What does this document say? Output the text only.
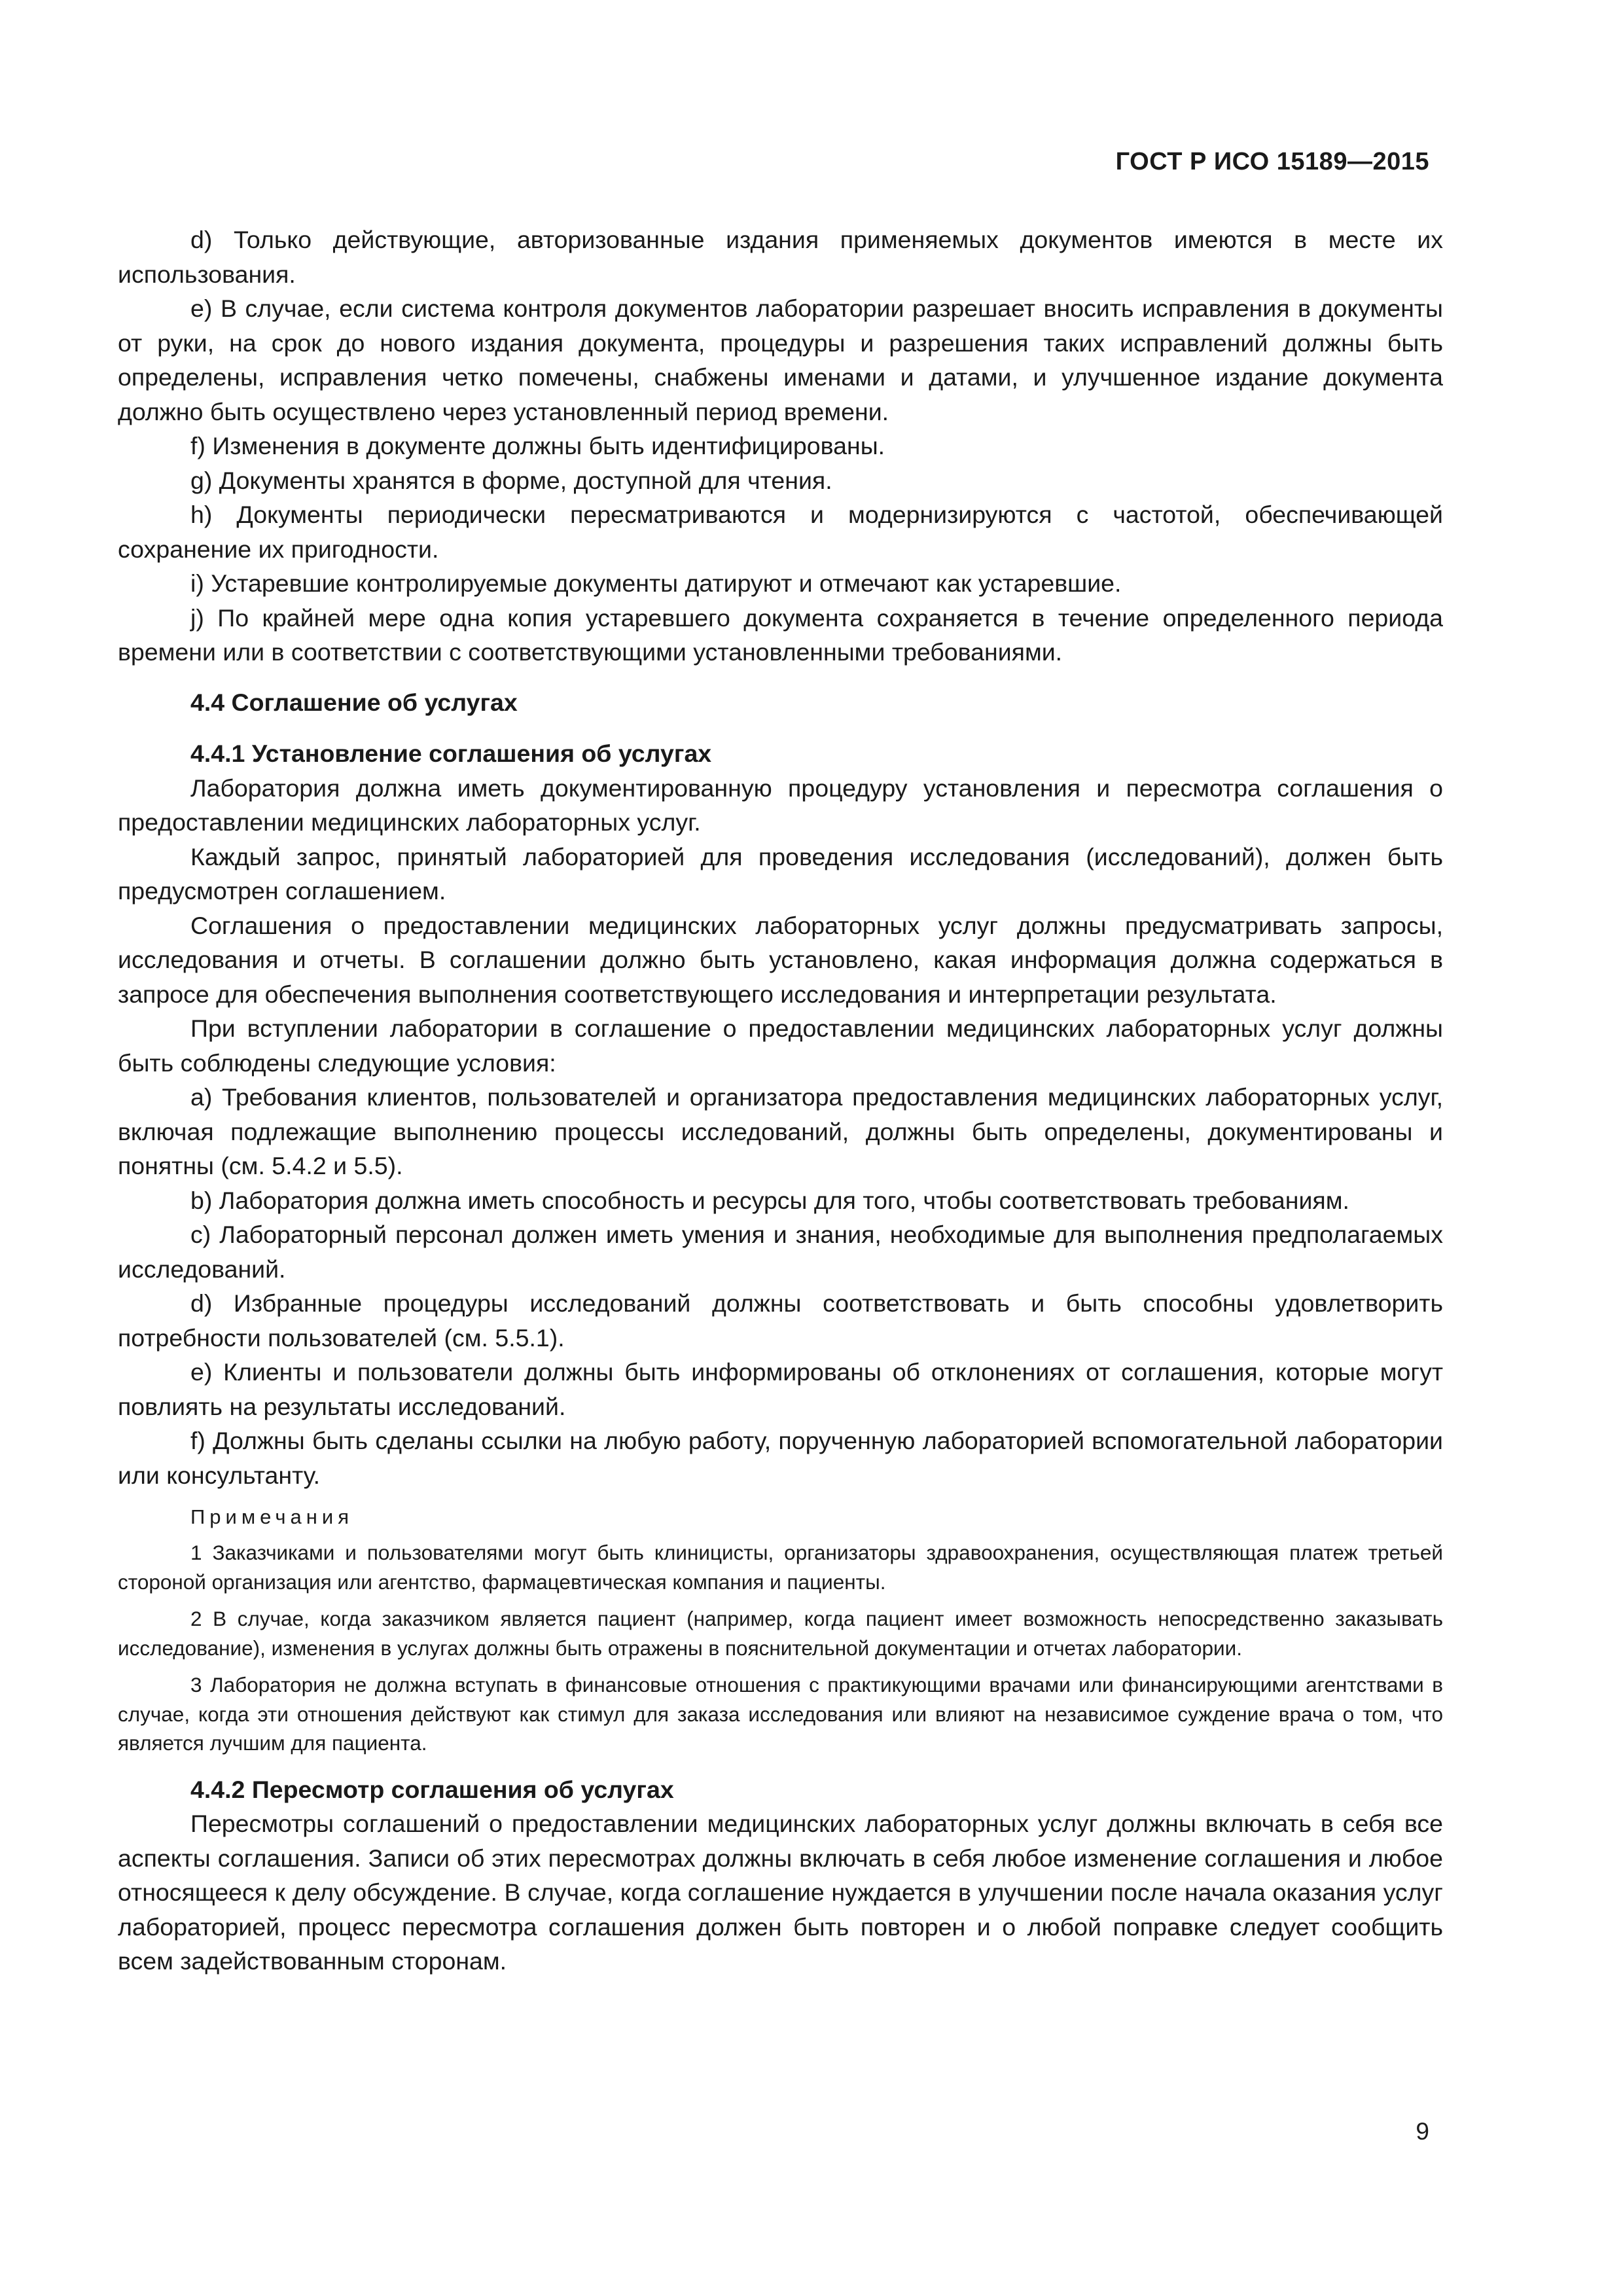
ГОСТ Р ИСО 15189—2015

d) Только действующие, авторизованные издания применяемых документов имеются в месте их использования.

e) В случае, если система контроля документов лаборатории разрешает вносить исправления в документы от руки, на срок до нового издания документа, процедуры и разрешения таких исправлений должны быть определены, исправления четко помечены, снабжены именами и датами, и улучшенное издание документа должно быть осуществлено через установленный период времени.

f) Изменения в документе должны быть идентифицированы.

g) Документы хранятся в форме, доступной для чтения.

h) Документы периодически пересматриваются и модернизируются с частотой, обеспечивающей сохранение их пригодности.

i) Устаревшие контролируемые документы датируют и отмечают как устаревшие.

j) По крайней мере одна копия устаревшего документа сохраняется в течение определенного периода времени или в соответствии с соответствующими установленными требованиями.

4.4 Соглашение об услугах

4.4.1 Установление соглашения об услугах

Лаборатория должна иметь документированную процедуру установления и пересмотра соглашения о предоставлении медицинских лабораторных услуг.

Каждый запрос, принятый лабораторией для проведения исследования (исследований), должен быть предусмотрен соглашением.

Соглашения о предоставлении медицинских лабораторных услуг должны предусматривать запросы, исследования и отчеты. В соглашении должно быть установлено, какая информация должна содержаться в запросе для обеспечения выполнения соответствующего исследования и интерпретации результата.

При вступлении лаборатории в соглашение о предоставлении медицинских лабораторных услуг должны быть соблюдены следующие условия:

a) Требования клиентов, пользователей и организатора предоставления медицинских лабораторных услуг, включая подлежащие выполнению процессы исследований, должны быть определены, документированы и понятны (см. 5.4.2 и 5.5).

b) Лаборатория должна иметь способность и ресурсы для того, чтобы соответствовать требованиям.

c) Лабораторный персонал должен иметь умения и знания, необходимые для выполнения предполагаемых исследований.

d) Избранные процедуры исследований должны соответствовать и быть способны удовлетворить потребности пользователей (см. 5.5.1).

e) Клиенты и пользователи должны быть информированы об отклонениях от соглашения, которые могут повлиять на результаты исследований.

f) Должны быть сделаны ссылки на любую работу, порученную лабораторией вспомогательной лаборатории или консультанту.

Примечания

1 Заказчиками и пользователями могут быть клиницисты, организаторы здравоохранения, осуществляющая платеж третьей стороной организация или агентство, фармацевтическая компания и пациенты.

2 В случае, когда заказчиком является пациент (например, когда пациент имеет возможность непосредственно заказывать исследование), изменения в услугах должны быть отражены в пояснительной документации и отчетах лаборатории.

3 Лаборатория не должна вступать в финансовые отношения с практикующими врачами или финансирующими агентствами в случае, когда эти отношения действуют как стимул для заказа исследования или влияют на независимое суждение врача о том, что является лучшим для пациента.

4.4.2 Пересмотр соглашения об услугах

Пересмотры соглашений о предоставлении медицинских лабораторных услуг должны включать в себя все аспекты соглашения. Записи об этих пересмотрах должны включать в себя любое изменение соглашения и любое относящееся к делу обсуждение. В случае, когда соглашение нуждается в улучшении после начала оказания услуг лабораторией, процесс пересмотра соглашения должен быть повторен и о любой поправке следует сообщить всем задействованным сторонам.

9
